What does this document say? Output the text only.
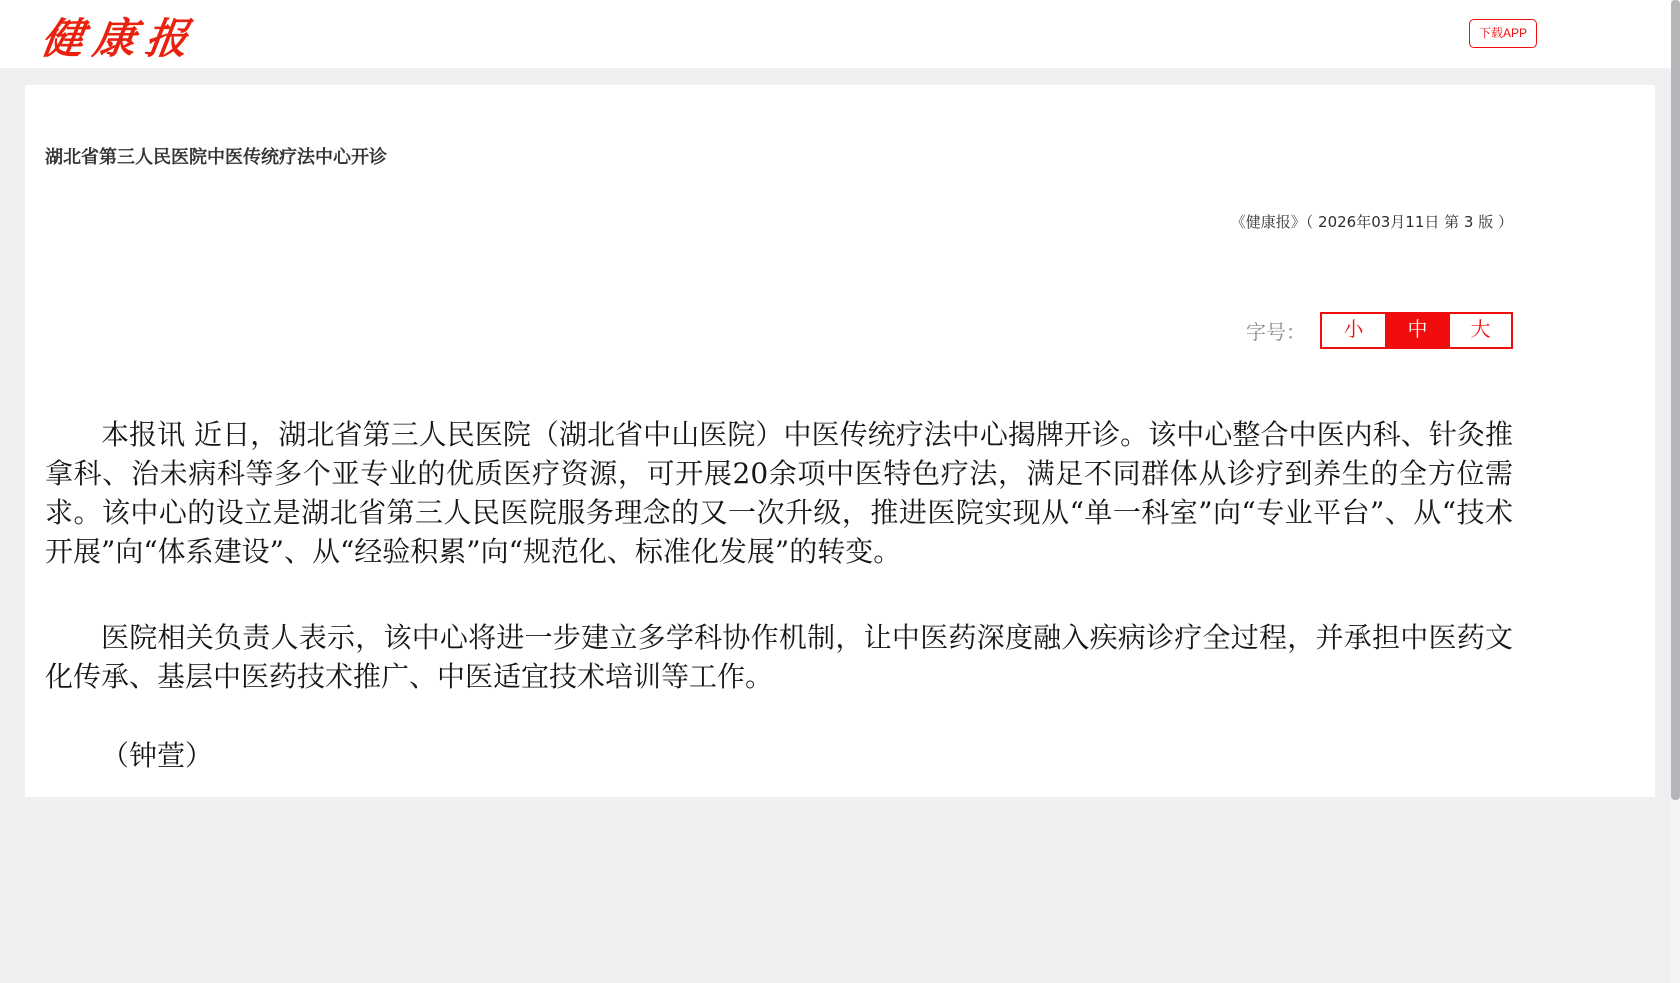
健康报	下载APP
湖北省第三人民医院中医传统疗法中心开诊
《健康报》（ 2026年03月11日 第 3 版 ）
字号：	小	中	大

本报讯 近日，湖北省第三人民医院（湖北省中山医院）中医传统疗法中心揭牌开诊。该中心整合中医内科、针灸推拿科、治未病科等多个亚专业的优质医疗资源，可开展20余项中医特色疗法，满足不同群体从诊疗到养生的全方位需求。该中心的设立是湖北省第三人民医院服务理念的又一次升级，推进医院实现从“单一科室”向“专业平台”、从“技术开展”向“体系建设”、从“经验积累”向“规范化、标准化发展”的转变。

医院相关负责人表示，该中心将进一步建立多学科协作机制，让中医药深度融入疾病诊疗全过程，并承担中医药文化传承、基层中医药技术推广、中医适宜技术培训等工作。

（钟萱）
